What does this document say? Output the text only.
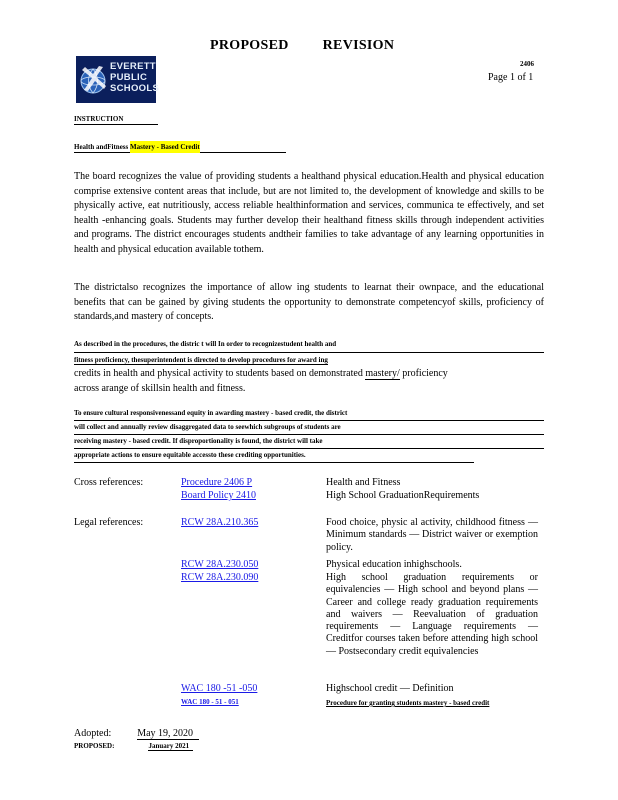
PROPOSED REVISION
EVERETT PUBLIC SCHOOLS
2406
Page 1 of 1
INSTRUCTION
Health andFitness Mastery - Based Credit
The board recognizes the value of providing students a healthand physical education.Health and physical education comprise extensive content areas that include, but are not limited to, the development of knowledge and skills to be physically active, eat nutritiously, access reliable healthinformation and services, communica te effectively, and set health -enhancing goals. Students may further develop their healthand fitness skills through independent activities and programs. The district encourages students andtheir families to take advantage of any learning opportunities in health and physical education available tothem.
The districtalso recognizes the importance of allow ing students to learnat their ownpace, and the educational benefits that can be gained by giving students the opportunity to demonstrate competencyof skills, proficiency of standards,and mastery of concepts.
As described in the procedures, the distric t will In order to recognizestudent health and
fitness proficiency, thesuperintendent is directed to develop procedures for award ing
credits in health and physical activity to students based on demonstrated mastery/ proficiency
across arange of skillsin health and fitness.
To ensure cultural responsivenessand equity in awarding mastery - based credit, the district
will collect and annually review disaggregated data to seewhich subgroups of students are
receiving mastery - based credit. If disproportionality is found, the district will take
appropriate actions to ensure equitable accessto these crediting opportunities.
Cross references:	Procedure 2406 P	Health and Fitness
Board Policy 2410	High School GraduationRequirements
Legal references:	RCW 28A.210.365	Food choice, physic al activity, childhood fitness — Minimum standards — District waiver or exemption policy.
RCW 28A.230.050	Physical education inhighschools.
RCW 28A.230.090	High school graduation requirements or equivalencies — High school and beyond plans — Career and college ready graduation requirements and waivers — Reevaluation of graduation requirements — Language requirements — Creditfor courses taken before attending high school — Postsecondary credit equivalencies
WAC 180 -51 -050	Highschool credit — Definition
WAC 180 - 51 - 051	Procedure for granting students mastery - based credit
Adopted:	May 19, 2020
PROPOSED:	January 2021
